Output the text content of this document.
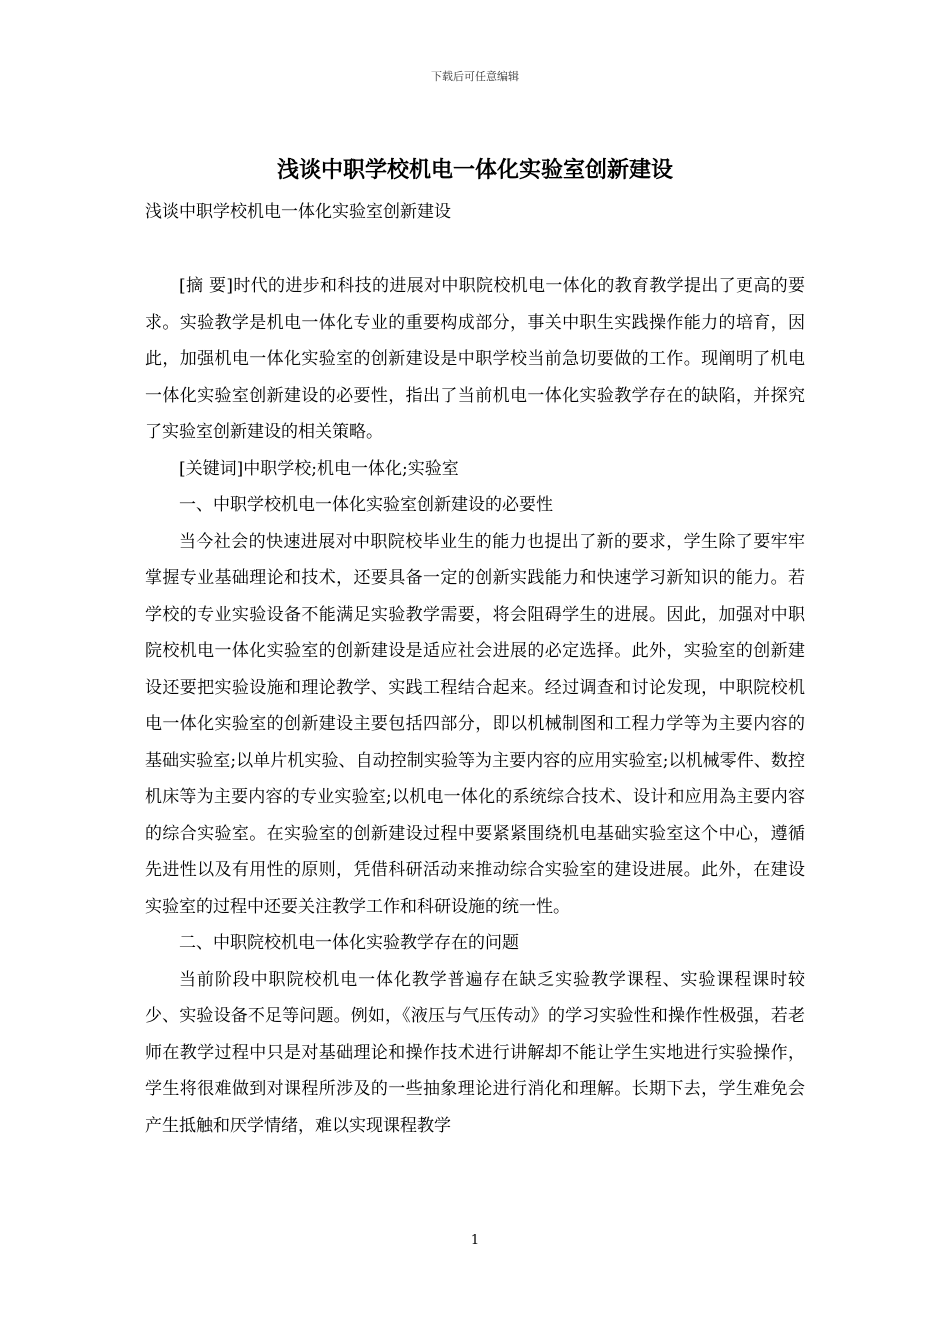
下载后可任意编辑
浅谈中职学校机电一体化实验室创新建设
浅谈中职学校机电一体化实验室创新建设

[摘 要]时代的进步和科技的进展对中职院校机电一体化的教育教学提出了更高的要求。实验教学是机电一体化专业的重要构成部分，事关中职生实践操作能力的培育，因此，加强机电一体化实验室的创新建设是中职学校当前急切要做的工作。现阐明了机电一体化实验室创新建设的必要性，指出了当前机电一体化实验教学存在的缺陷，并探究了实验室创新建设的相关策略。

[关键词]中职学校;机电一体化;实验室

一、中职学校机电一体化实验室创新建设的必要性

当今社会的快速进展对中职院校毕业生的能力也提出了新的要求，学生除了要牢牢掌握专业基础理论和技术，还要具备一定的创新实践能力和快速学习新知识的能力。若学校的专业实验设备不能满足实验教学需要，将会阻碍学生的进展。因此，加强对中职院校机电一体化实验室的创新建设是适应社会进展的必定选择。此外，实验室的创新建设还要把实验设施和理论教学、实践工程结合起来。经过调查和讨论发现，中职院校机电一体化实验室的创新建设主要包括四部分，即以机械制图和工程力学等为主要内容的基础实验室;以单片机实验、自动控制实验等为主要内容的应用实验室;以机械零件、数控机床等为主要内容的专业实验室;以机电一体化的系统综合技术、设计和应用為主要内容的综合实验室。在实验室的创新建设过程中要紧紧围绕机电基础实验室这个中心，遵循先进性以及有用性的原则，凭借科研活动来推动综合实验室的建设进展。此外，在建设实验室的过程中还要关注教学工作和科研设施的统一性。

二、中职院校机电一体化实验教学存在的问题

当前阶段中职院校机电一体化教学普遍存在缺乏实验教学课程、实验课程课时较少、实验设备不足等问题。例如，《液压与气压传动》的学习实验性和操作性极强，若老师在教学过程中只是对基础理论和操作技术进行讲解却不能让学生实地进行实验操作，学生将很难做到对课程所涉及的一些抽象理论进行消化和理解。长期下去，学生难免会产生抵触和厌学情绪，难以实现课程教学

1
